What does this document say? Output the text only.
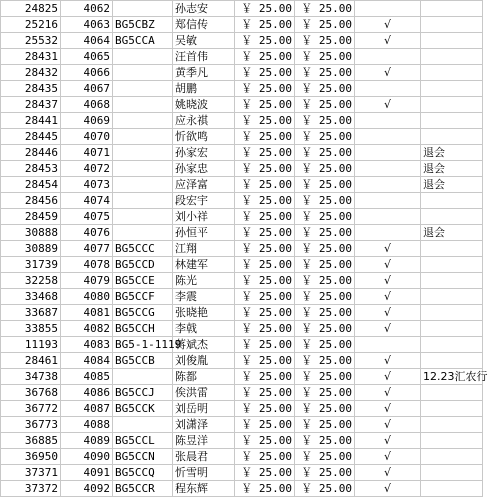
24825	4062		孙志安	￥ 25.00	￥ 25.00		
25216	4063	BG5CBZ	郑信传	￥ 25.00	￥ 25.00	√	
25532	4064	BG5CCA	吴敏	￥ 25.00	￥ 25.00	√	
28431	4065		汪首伟	￥ 25.00	￥ 25.00		
28432	4066		黄季凡	￥ 25.00	￥ 25.00	√	
28435	4067		胡鹏	￥ 25.00	￥ 25.00		
28437	4068		姚晓波	￥ 25.00	￥ 25.00	√	
28441	4069		应永祺	￥ 25.00	￥ 25.00		
28445	4070		忻欲鸣	￥ 25.00	￥ 25.00		
28446	4071		孙家宏	￥ 25.00	￥ 25.00		退会
28453	4072		孙家忠	￥ 25.00	￥ 25.00		退会
28454	4073		应泽富	￥ 25.00	￥ 25.00		退会
28456	4074		段宏宇	￥ 25.00	￥ 25.00		
28459	4075		刘小祥	￥ 25.00	￥ 25.00		
30888	4076		孙恒平	￥ 25.00	￥ 25.00		退会
30889	4077	BG5CCC	江翔	￥ 25.00	￥ 25.00	√	
31739	4078	BG5CCD	林建军	￥ 25.00	￥ 25.00	√	
32258	4079	BG5CCE	陈光	￥ 25.00	￥ 25.00	√	
33468	4080	BG5CCF	李震	￥ 25.00	￥ 25.00	√	
33687	4081	BG5CCG	张晓艳	￥ 25.00	￥ 25.00	√	
33855	4082	BG5CCH	李戟	￥ 25.00	￥ 25.00	√	
11193	4083	BG5-1-1119	蒋斌杰	￥ 25.00	￥ 25.00		
28461	4084	BG5CCB	刘俊胤	￥ 25.00	￥ 25.00	√	
34738	4085		陈都	￥ 25.00	￥ 25.00	√	12.23汇农行
36768	4086	BG5CCJ	俟洪雷	￥ 25.00	￥ 25.00	√	
36772	4087	BG5CCK	刘岳明	￥ 25.00	￥ 25.00	√	
36773	4088		刘潇泽	￥ 25.00	￥ 25.00	√	
36885	4089	BG5CCL	陈昱洋	￥ 25.00	￥ 25.00	√	
36950	4090	BG5CCN	张晨君	￥ 25.00	￥ 25.00	√	
37371	4091	BG5CCQ	忻雪明	￥ 25.00	￥ 25.00	√	
37372	4092	BG5CCR	程东辉	￥ 25.00	￥ 25.00	√	
